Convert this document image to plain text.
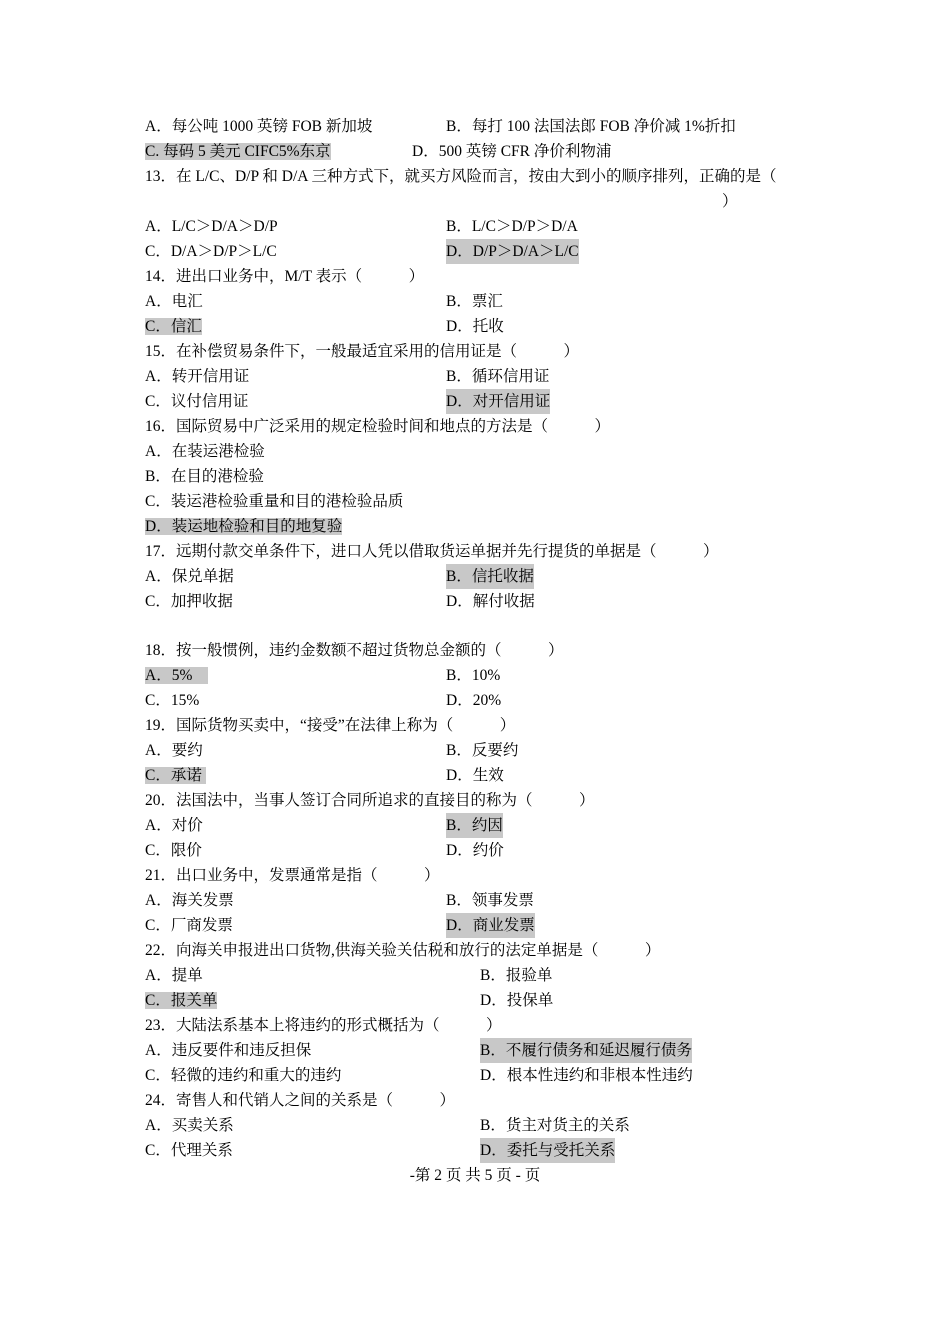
A．每公吨 1000 英镑 FOB 新加坡	B．每打 100 法国法郎 FOB 净价减 1%折扣
C. 每码 5 美元 CIFC5%东京	D．500 英镑 CFR 净价利物浦
13．在 L/C、D/P 和 D/A 三种方式下，就买方风险而言，按由大到小的顺序排列，正确的是（
）
A．L/C＞D/A＞D/P	B．L/C＞D/P＞D/A
C．D/A＞D/P＞L/C	D．D/P＞D/A＞L/C
14．进出口业务中，M/T 表示（　　　）
A．电汇	B．票汇
C．信汇	D．托收
15．在补偿贸易条件下，一般最适宜采用的信用证是（　　　）
A．转开信用证	B．循环信用证
C．议付信用证	D．对开信用证
16．国际贸易中广泛采用的规定检验时间和地点的方法是（　　　）
A．在装运港检验
B．在目的港检验
C．装运港检验重量和目的港检验品质
D．装运地检验和目的地复验
17．远期付款交单条件下，进口人凭以借取货运单据并先行提货的单据是（　　　）
A．保兑单据	B．信托收据
C．加押收据	D．解付收据
18．按一般惯例，违约金数额不超过货物总金额的（　　　）
A．5%	B．10%
C．15%	D．20%
19．国际货物买卖中，“接受”在法律上称为（　　　）
A．要约	B．反要约
C．承诺	D．生效
20．法国法中，当事人签订合同所追求的直接目的称为（　　　）
A．对价	B．约因
C．限价	D．约价
21．出口业务中，发票通常是指（　　　）
A．海关发票	B．领事发票
C．厂商发票	D．商业发票
22．向海关申报进出口货物,供海关验关估税和放行的法定单据是（　　　）
A．提单	B．报验单
C．报关单	D．投保单
23．大陆法系基本上将违约的形式概括为（　　　）
A．违反要件和违反担保	B．不履行债务和延迟履行债务
C．轻微的违约和重大的违约	D．根本性违约和非根本性违约
24．寄售人和代销人之间的关系是（　　　）
A．买卖关系	B．货主对货主的关系
C．代理关系	D．委托与受托关系
-第 2 页 共 5 页 - 页
